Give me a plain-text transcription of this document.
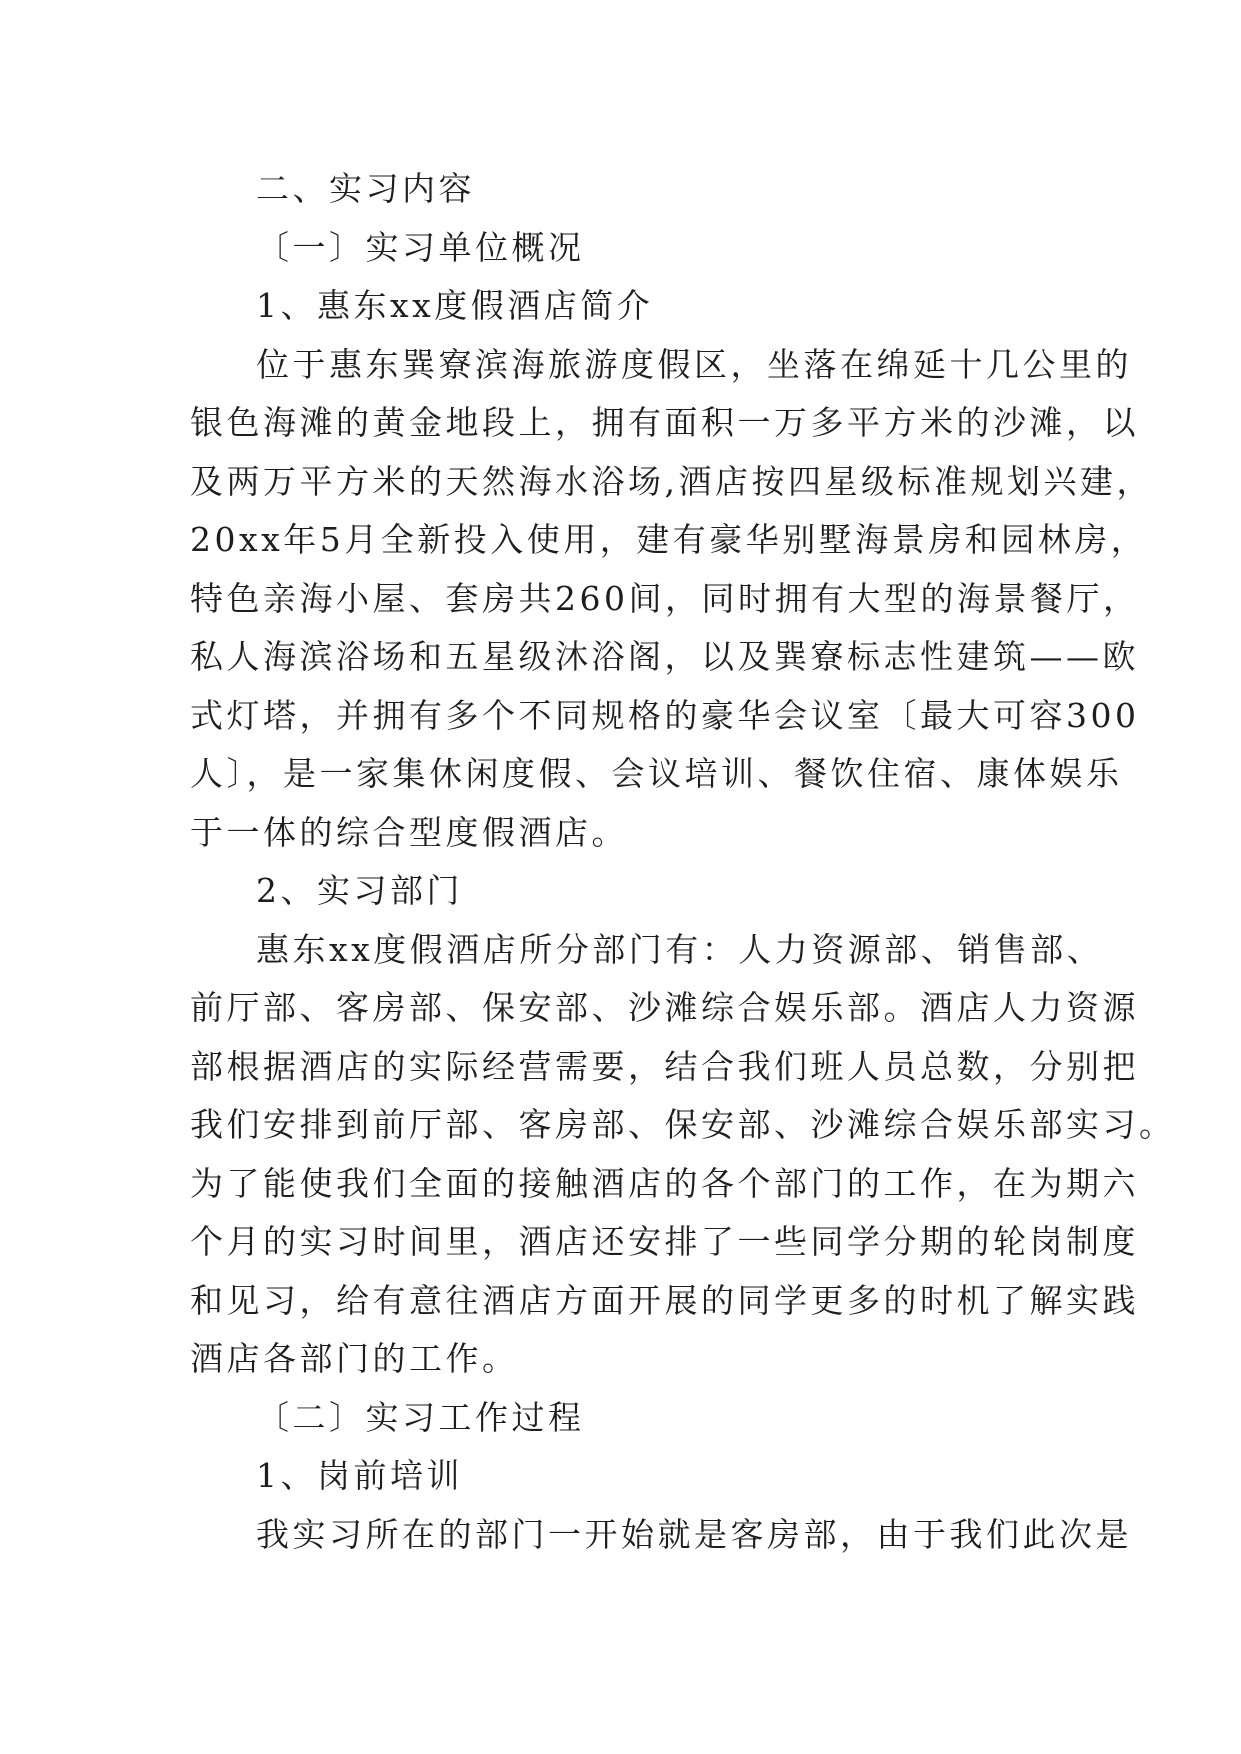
二、实习内容

〔一〕实习单位概况

1、惠东xx度假酒店简介

位于惠东巽寮滨海旅游度假区，坐落在绵延十几公里的

银色海滩的黄金地段上，拥有面积一万多平方米的沙滩，以

及两万平方米的天然海水浴场,酒店按四星级标准规划兴建，

20xx年5月全新投入使用，建有豪华别墅海景房和园林房，

特色亲海小屋、套房共260间，同时拥有大型的海景餐厅，

私人海滨浴场和五星级沐浴阁，以及巽寮标志性建筑——欧

式灯塔，并拥有多个不同规格的豪华会议室〔最大可容300

人〕，是一家集休闲度假、会议培训、餐饮住宿、康体娱乐

于一体的综合型度假酒店。

2、实习部门

惠东xx度假酒店所分部门有：人力资源部、销售部、

前厅部、客房部、保安部、沙滩综合娱乐部。酒店人力资源

部根据酒店的实际经营需要，结合我们班人员总数，分别把

我们安排到前厅部、客房部、保安部、沙滩综合娱乐部实习。

为了能使我们全面的接触酒店的各个部门的工作，在为期六

个月的实习时间里，酒店还安排了一些同学分期的轮岗制度

和见习，给有意往酒店方面开展的同学更多的时机了解实践

酒店各部门的工作。

〔二〕实习工作过程

1、岗前培训

我实习所在的部门一开始就是客房部，由于我们此次是
